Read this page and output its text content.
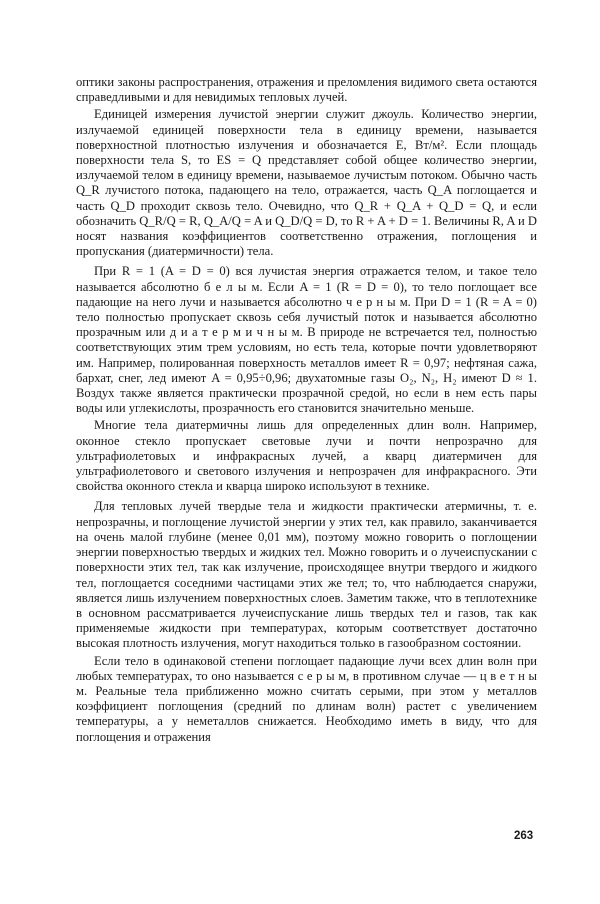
оптики законы распространения, отражения и преломления видимого света остаются справедливыми и для невидимых тепловых лучей.

Единицей измерения лучистой энергии служит джоуль. Количество энергии, излучаемой единицей поверхности тела в единицу времени, называется поверхностной плотностью излучения и обозначается E, Вт/м². Если площадь поверхности тела S, то ES = Q представляет собой общее количество энергии, излучаемой телом в единицу времени, называемое лучистым потоком. Обычно часть Q_R лучистого потока, падающего на тело, отражается, часть Q_A поглощается и часть Q_D проходит сквозь тело. Очевидно, что Q_R + Q_A + Q_D = Q, и если обозначить Q_R/Q = R, Q_A/Q = A и Q_D/Q = D, то R + A + D = 1. Величины R, A и D носят названия коэффициентов соответственно отражения, поглощения и пропускания (диатермичности) тела.

При R = 1 (A = D = 0) вся лучистая энергия отражается телом, и такое тело называется абсолютно б е л ы м. Если A = 1 (R = D = 0), то тело поглощает все падающие на него лучи и называется абсолютно ч е р н ы м. При D = 1 (R = A = 0) тело полностью пропускает сквозь себя лучистый поток и называется абсолютно прозрачным или д и а т е р м и ч н ы м. В природе не встречается тел, полностью соответствующих этим трем условиям, но есть тела, которые почти удовлетворяют им. Например, полированная поверхность металлов имеет R = 0,97; нефтяная сажа, бархат, снег, лед имеют A = 0,95÷0,96; двухатомные газы O₂, N₂, H₂ имеют D ≈ 1. Воздух также является практически прозрачной средой, но если в нем есть пары воды или углекислоты, прозрачность его становится значительно меньше.

Многие тела диатермичны лишь для определенных длин волн. Например, оконное стекло пропускает световые лучи и почти непрозрачно для ультрафиолетовых и инфракрасных лучей, а кварц диатермичен для ультрафиолетового и светового излучения и непрозрачен для инфракрасного. Эти свойства оконного стекла и кварца широко используют в технике.

Для тепловых лучей твердые тела и жидкости практически атермичны, т. е. непрозрачны, и поглощение лучистой энергии у этих тел, как правило, заканчивается на очень малой глубине (менее 0,01 мм), поэтому можно говорить о поглощении энергии поверхностью твердых и жидких тел. Можно говорить и о лучеиспускании с поверхности этих тел, так как излучение, происходящее внутри твердого и жидкого тел, поглощается соседними частицами этих же тел; то, что наблюдается снаружи, является лишь излучением поверхностных слоев. Заметим также, что в теплотехнике в основном рассматривается лучеиспускание лишь твердых тел и газов, так как применяемые жидкости при температурах, которым соответствует достаточно высокая плотность излучения, могут находиться только в газообразном состоянии.

Если тело в одинаковой степени поглощает падающие лучи всех длин волн при любых температурах, то оно называется с е р ы м, в противном случае — ц в е т н ы м. Реальные тела приближенно можно считать серыми, при этом у металлов коэффициент поглощения (средний по длинам волн) растет с увеличением температуры, а у неметаллов снижается. Необходимо иметь в виду, что для поглощения и отражения

263
